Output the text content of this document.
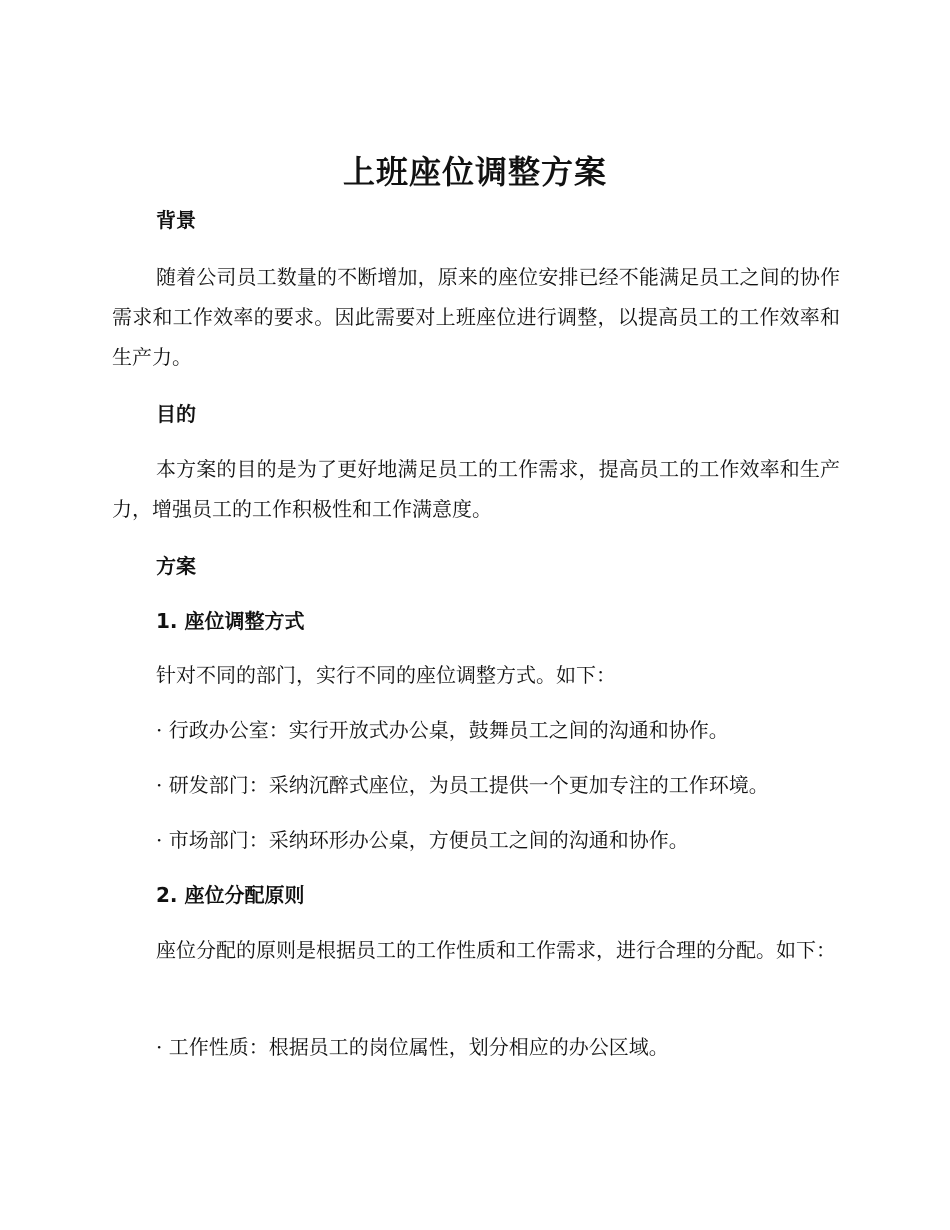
上班座位调整方案
背景
随着公司员工数量的不断增加，原来的座位安排已经不能满足员工之间的协作需求和工作效率的要求。因此需要对上班座位进行调整，以提高员工的工作效率和生产力。
目的
本方案的目的是为了更好地满足员工的工作需求，提高员工的工作效率和生产力，增强员工的工作积极性和工作满意度。
方案
1. 座位调整方式
针对不同的部门，实行不同的座位调整方式。如下：
· 行政办公室：实行开放式办公桌，鼓舞员工之间的沟通和协作。
· 研发部门：采纳沉醉式座位，为员工提供一个更加专注的工作环境。
· 市场部门：采纳环形办公桌，方便员工之间的沟通和协作。
2. 座位分配原则
座位分配的原则是根据员工的工作性质和工作需求，进行合理的分配。如下：
· 工作性质：根据员工的岗位属性，划分相应的办公区域。
